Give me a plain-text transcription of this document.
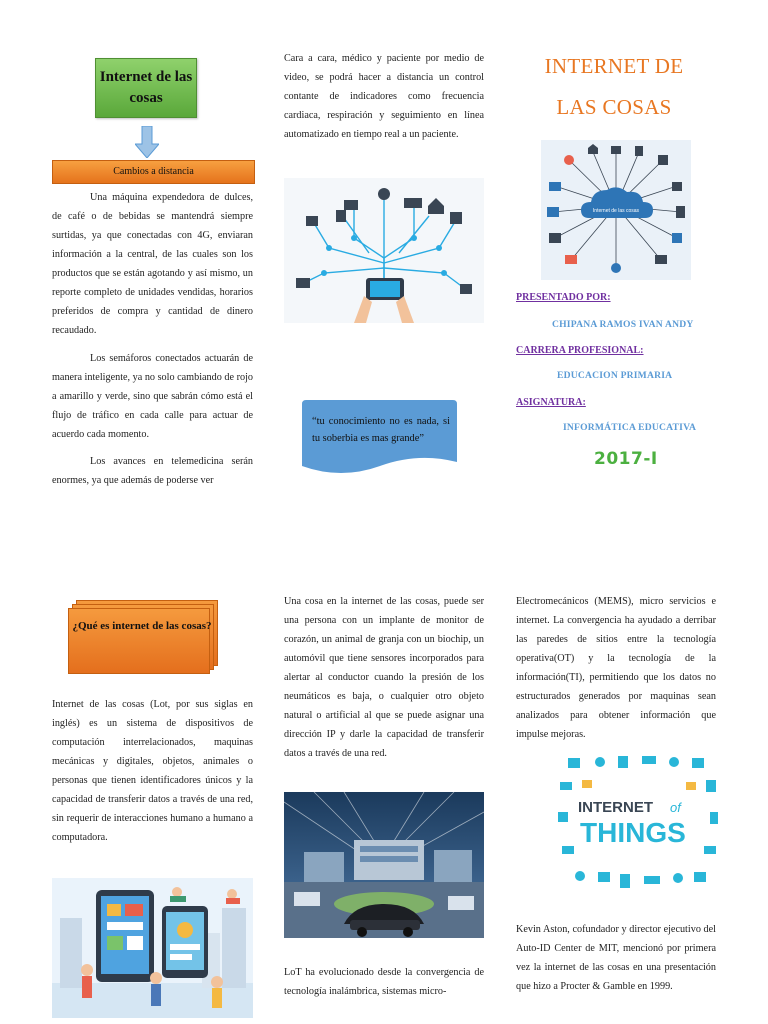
Internet de las cosas
Cambios a distancia

Una máquina expendedora de dulces, de café o de bebidas se mantendrá siempre surtidas, ya que conectadas con 4G, enviaran información a la central, de las cuales son los productos que se están agotando y así mismo, un reporte completo de unidades vendidas, horarios preferidos de compra y cantidad de dinero recaudado.

Los semáforos conectados actuarán de manera inteligente, ya no solo cambiando de rojo a amarillo y verde, sino que sabrán cómo está el flujo de tráfico en cada calle para actuar de acuerdo cada momento.

Los avances en telemedicina serán enormes, ya que además de poderse ver

¿Qué es internet de las cosas?

Internet de las cosas (Lot, por sus siglas en inglés) es un sistema de dispositivos de computación interrelacionados, maquinas mecánicas y digitales, objetos, animales o personas que tienen identificadores únicos y la capacidad de transferir datos a través de una red, sin requerir de interacciones humano a humano a computadora.

Cara a cara, médico y paciente por medio de video, se podrá hacer a distancia un control contante de indicadores como frecuencia cardiaca, respiración y seguimiento en línea automatizado en tiempo real a un paciente.

“tu conocimiento no es nada, si tu soberbia es mas grande”

Una cosa en la internet de las cosas, puede ser una persona con un implante de monitor de corazón, un animal de granja con un biochip, un automóvil que tiene sensores incorporados para alertar al conductor cuando la presión de los neumáticos es baja, o cualquier otro objeto natural o artificial al que se puede asignar una dirección IP y darle la capacidad de transferir datos a través de una red.

LoT ha evolucionado desde la convergencia de tecnología inalámbrica, sistemas micro-

INTERNET DE
LAS COSAS
Internet de las cosas
PRESENTADO POR:
CHIPANA RAMOS IVAN ANDY
CARRERA PROFESIONAL:
EDUCACION PRIMARIA
ASIGNATURA:
INFORMÁTICA EDUCATIVA
2017-I

Electromecánicos (MEMS), micro servicios e internet. La convergencia ha ayudado a derribar las paredes de sitios entre la tecnología operativa(OT) y la tecnología de la información(TI), permitiendo que los datos no estructurados generados por maquinas sean analizados para obtener información que impulse mejoras.

INTERNET of
THINGS

Kevin Aston, cofundador y director ejecutivo del Auto-ID Center de MIT, mencionó por primera vez la internet de las cosas en una presentación que hizo a Procter & Gamble en 1999.
